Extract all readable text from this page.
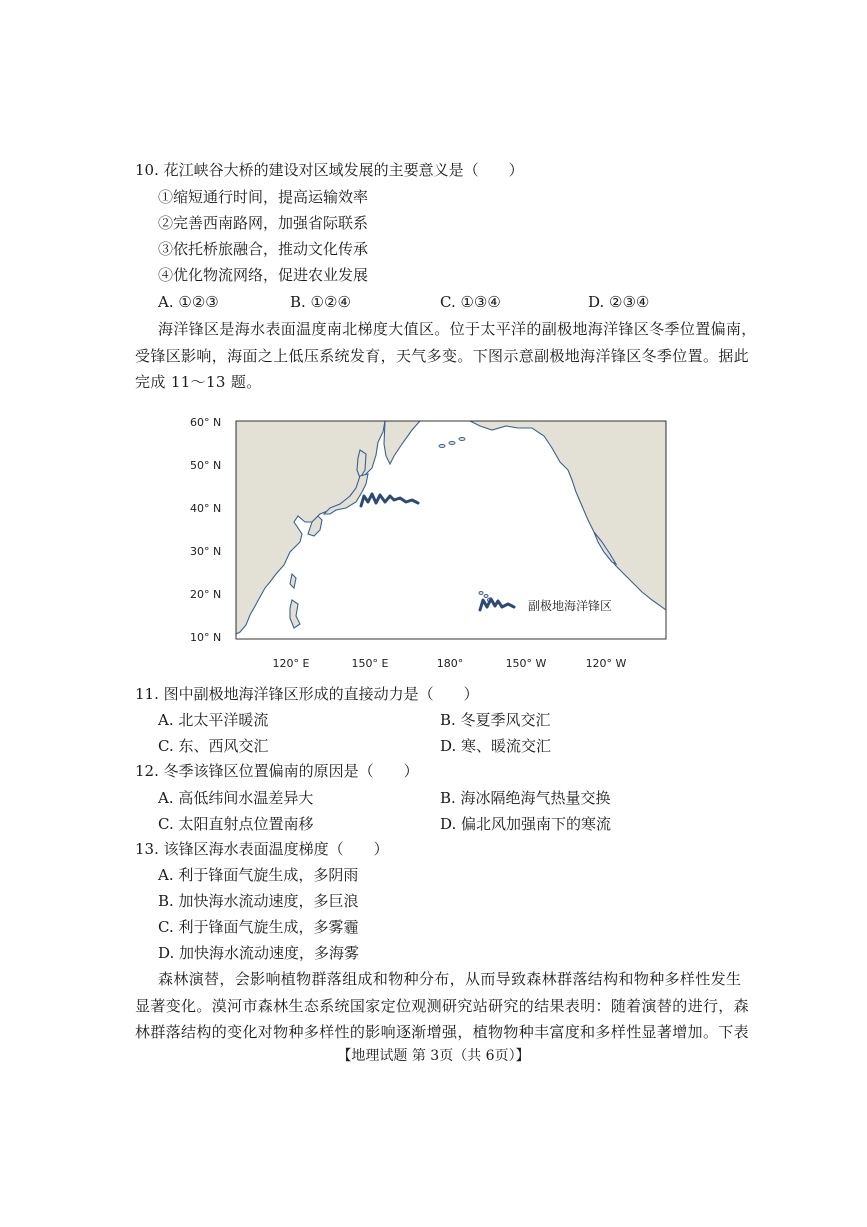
10. 花江峡谷大桥的建设对区域发展的主要意义是（　　）
①缩短通行时间，提高运输效率
②完善西南路网，加强省际联系
③依托桥旅融合，推动文化传承
④优化物流网络，促进农业发展
A. ①②③	B. ①②④	C. ①③④	D. ②③④
海洋锋区是海水表面温度南北梯度大值区。位于太平洋的副极地海洋锋区冬季位置偏南，
受锋区影响，海面之上低压系统发育，天气多变。下图示意副极地海洋锋区冬季位置。据此
完成 11～13 题。
60° N
50° N
40° N
30° N
20° N
10° N
副极地海洋锋区
120° E	150° E	180°	150° W	120° W
11. 图中副极地海洋锋区形成的直接动力是（　　）
A. 北太平洋暖流	B. 冬夏季风交汇
C. 东、西风交汇	D. 寒、暖流交汇
12. 冬季该锋区位置偏南的原因是（　　）
A. 高低纬间水温差异大	B. 海冰隔绝海气热量交换
C. 太阳直射点位置南移	D. 偏北风加强南下的寒流
13. 该锋区海水表面温度梯度（　　）
A. 利于锋面气旋生成，多阴雨
B. 加快海水流动速度，多巨浪
C. 利于锋面气旋生成，多雾霾
D. 加快海水流动速度，多海雾
森林演替，会影响植物群落组成和物种分布，从而导致森林群落结构和物种多样性发生
显著变化。漠河市森林生态系统国家定位观测研究站研究的结果表明：随着演替的进行，森
林群落结构的变化对物种多样性的影响逐渐增强，植物物种丰富度和多样性显著增加。下表
【地理试题 第 3页（共 6页）】
